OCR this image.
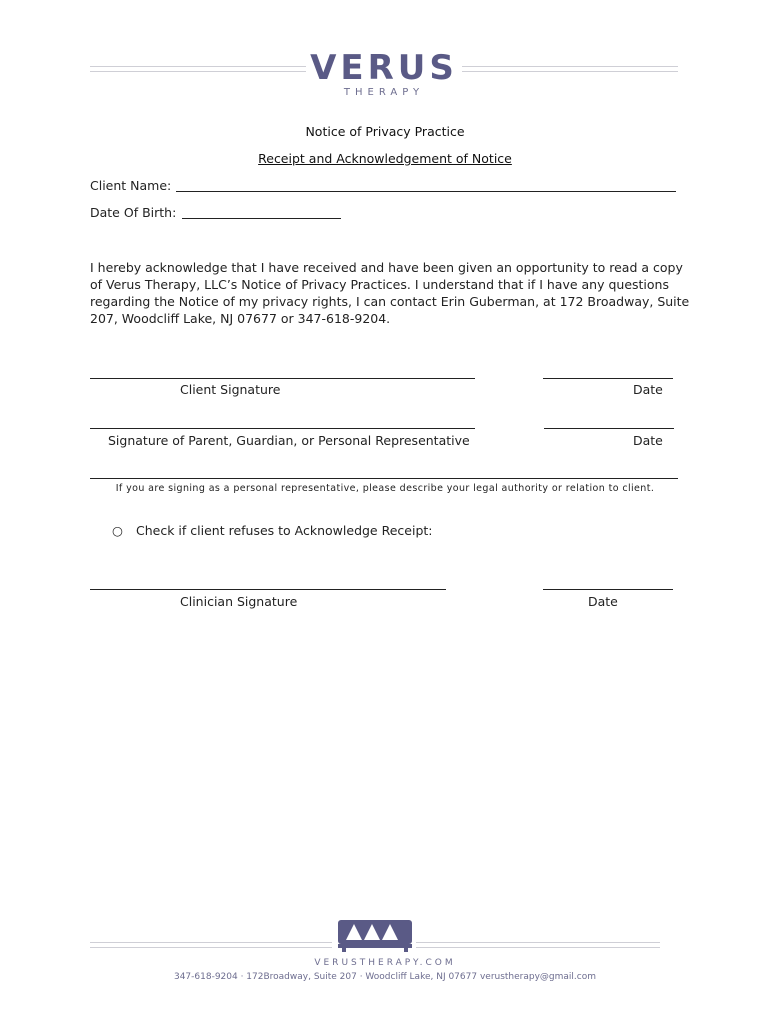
VERUS
THERAPY
Notice of Privacy Practice
Receipt and Acknowledgement of Notice
Client Name:
Date Of Birth:
I hereby acknowledge that I have received and have been given an opportunity to read a copy of Verus Therapy, LLC’s Notice of Privacy Practices. I understand that if I have any questions regarding the Notice of my privacy rights, I can contact Erin Guberman, at 172 Broadway, Suite 207, Woodcliff Lake, NJ 07677 or 347-618-9204.
Client Signature	Date
Signature of Parent, Guardian, or Personal Representative	Date
If you are signing as a personal representative, please describe your legal authority or relation to client.
○ Check if client refuses to Acknowledge Receipt:
Clinician Signature	Date
VERUSTHERAPY.COM
347-618-9204 · 172Broadway, Suite 207 · Woodcliff Lake, NJ 07677 verustherapy@gmail.com
